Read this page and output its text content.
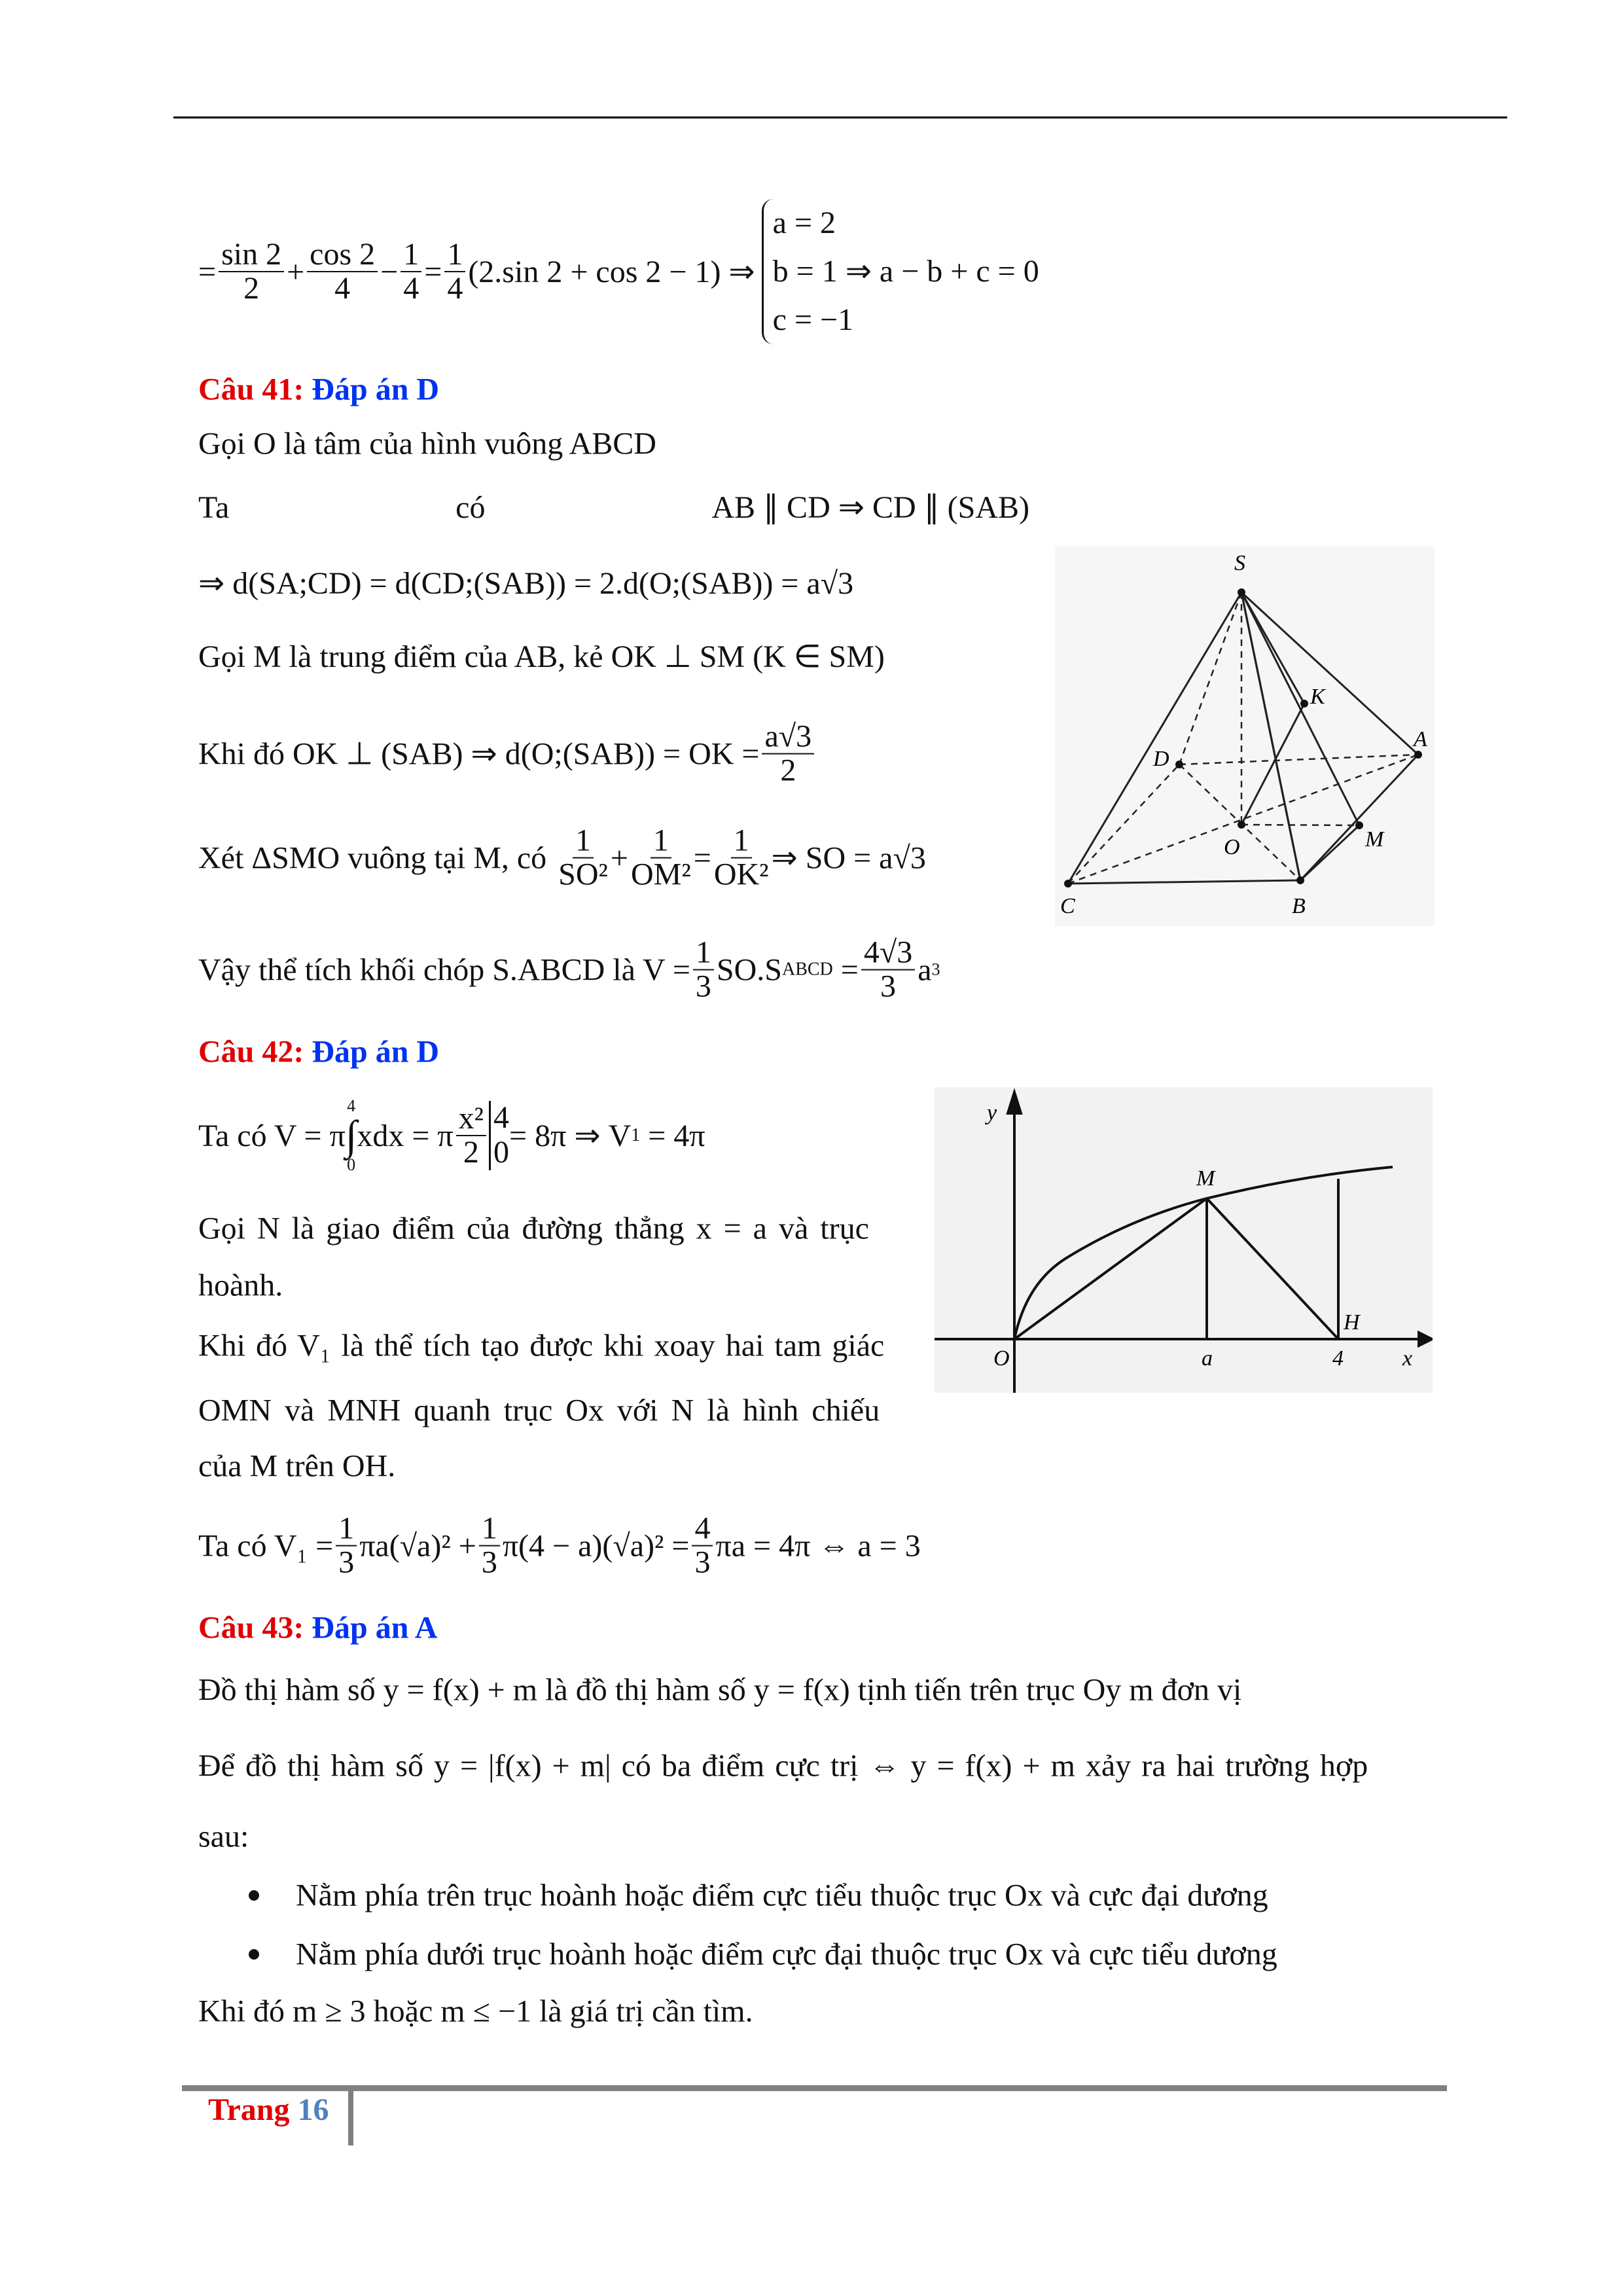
= $\frac{\sin 2}{2} + \frac{\cos 2}{4} - \frac{1}{4} = \frac{1}{4} (2.\sin$ 2 + cos 2 − 1) ⇒
a = 2
b = 1 ⇒ a − b + c = 0
c = −1
Câu 41:
Đáp án D
Gọi O là tâm của hình vuông ABCD
Ta	có	AB ∥ CD ⇒ CD ∥ (SAB)
⇒ d(SA;CD) = d(CD;(SAB)) = 2.d(O;(SAB)) = a√3
Gọi M là trung điểm của AB, kẻ OK ⊥ SM (K ∈ SM)
Khi đó OK ⊥ (SAB) ⇒ d(O;(SAB)) = OK = $\frac{a√3}{2}$
Xét ΔSMO vuông tại M, có $\frac{1}{\text{SO²}} + \frac{1}{\text{OM²}} = \frac{1}{\text{OK²}}$ ⇒ SO = a√3
Vậy thể tích khối chóp S.ABCD là $V = \frac{1}{3} SO.S$ ABCD
= $\frac{4√3}{3}$ a 3
S
K
A
D
O	M
C	B
Câu 42:
Đáp án D
Ta có V = π
4
∫
0
xdx = π $\frac{\text{x²}}{2} 4$
0 = 8π ⇒ V 1
= 4π
Gọi N là giao điểm của đường thẳng x = a và trục
hoành.
Khi đó V₁ là thể tích tạo được khi xoay hai tam giác
OMN và MNH quanh trục Ox với N là hình chiếu
của M trên OH.
Ta có $V_1 = \frac{1}{3} \pi a(√a)^2 + \frac{1}{3} \pi(4 - a)(√a)^2 = \frac{4}{3}$ πa = 4π ⇔ a = 3
y
M
H
O	a	4	x
Câu 43:
Đáp án A
Đồ thị hàm số y = f(x) + m là đồ thị hàm số y = f(x) tịnh tiến trên trục Oy m đơn vị
Để đồ thị hàm số y = |f(x) + m| có ba điểm cực trị ⇔ y = f(x) + m xảy ra hai trường hợp
sau:
Nằm phía trên trục hoành hoặc điểm cực tiểu thuộc trục Ox và cực đại dương
Nằm phía dưới trục hoành hoặc điểm cực đại thuộc trục Ox và cực tiểu dương
Khi đó m ≥ 3 hoặc m ≤ −1 là giá trị cần tìm.
Trang 16
